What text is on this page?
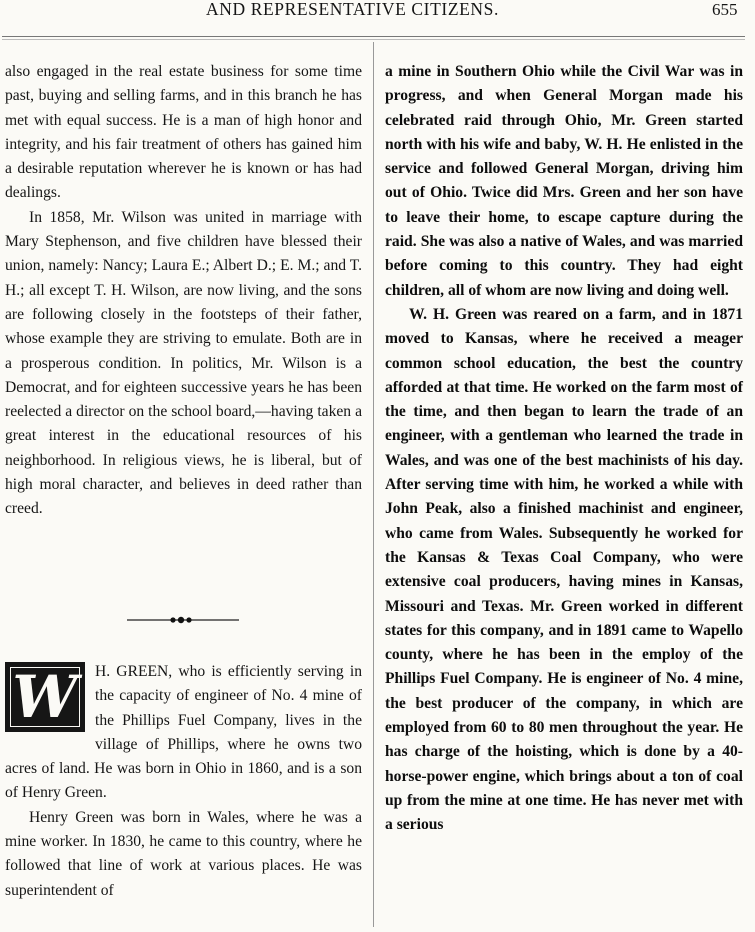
AND REPRESENTATIVE CITIZENS.	655

also engaged in the real estate business for some time past, buying and selling farms, and in this branch he has met with equal success. He is a man of high honor and integrity, and his fair treatment of others has gained him a desirable reputation wherever he is known or has had dealings.

In 1858, Mr. Wilson was united in marriage with Mary Stephenson, and five children have blessed their union, namely: Nancy; Laura E.; Albert D.; E. M.; and T. H.; all except T. H. Wilson, are now living, and the sons are following closely in the footsteps of their father, whose example they are striving to emulate. Both are in a prosperous condition. In politics, Mr. Wilson is a Democrat, and for eighteen successive years he has been reelected a director on the school board,—having taken a great interest in the educational resources of his neighborhood. In religious views, he is liberal, but of high moral character, and believes in deed rather than creed.

W	H. GREEN, who is efficiently serving in the capacity of engineer of No. 4 mine of the Phillips Fuel Company, lives in the village of Phillips, where he owns two acres of land. He was born in Ohio in 1860, and is a son of Henry Green.

Henry Green was born in Wales, where he was a mine worker. In 1830, he came to this country, where he followed that line of work at various places. He was superintendent of

a mine in Southern Ohio while the Civil War was in progress, and when General Morgan made his celebrated raid through Ohio, Mr. Green started north with his wife and baby, W. H. He enlisted in the service and followed General Morgan, driving him out of Ohio. Twice did Mrs. Green and her son have to leave their home, to escape capture during the raid. She was also a native of Wales, and was married before coming to this country. They had eight children, all of whom are now living and doing well.

W. H. Green was reared on a farm, and in 1871 moved to Kansas, where he received a meager common school education, the best the country afforded at that time. He worked on the farm most of the time, and then began to learn the trade of an engineer, with a gentleman who learned the trade in Wales, and was one of the best machinists of his day. After serving time with him, he worked a while with John Peak, also a finished machinist and engineer, who came from Wales. Subsequently he worked for the Kansas & Texas Coal Company, who were extensive coal producers, having mines in Kansas, Missouri and Texas. Mr. Green worked in different states for this company, and in 1891 came to Wapello county, where he has been in the employ of the Phillips Fuel Company. He is engineer of No. 4 mine, the best producer of the company, in which are employed from 60 to 80 men throughout the year. He has charge of the hoisting, which is done by a 40-horse-power engine, which brings about a ton of coal up from the mine at one time. He has never met with a serious
